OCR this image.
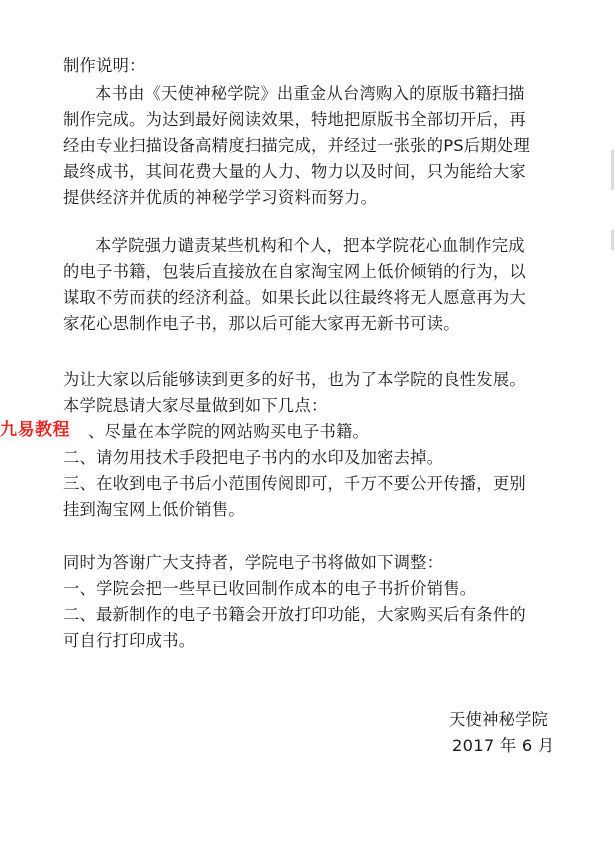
制作说明：
本书由《天使神秘学院》出重金从台湾购入的原版书籍扫描
制作完成。为达到最好阅读效果，特地把原版书全部切开后，再
经由专业扫描设备高精度扫描完成，并经过一张张的PS后期处理
最终成书，其间花费大量的人力、物力以及时间，只为能给大家
提供经济并优质的神秘学学习资料而努力。
本学院强力谴责某些机构和个人，把本学院花心血制作完成
的电子书籍，包装后直接放在自家淘宝网上低价倾销的行为，以
谋取不劳而获的经济利益。如果长此以往最终将无人愿意再为大
家花心思制作电子书，那以后可能大家再无新书可读。
为让大家以后能够读到更多的好书，也为了本学院的良性发展。
本学院恳请大家尽量做到如下几点：
、尽量在本学院的网站购买电子书籍。
二、请勿用技术手段把电子书内的水印及加密去掉。
三、在收到电子书后小范围传阅即可，千万不要公开传播，更别
挂到淘宝网上低价销售。
同时为答谢广大支持者，学院电子书将做如下调整：
一、学院会把一些早已收回制作成本的电子书折价销售。
二、最新制作的电子书籍会开放打印功能，大家购买后有条件的
可自行打印成书。
天使神秘学院
2017 年 6 月
九易教程
